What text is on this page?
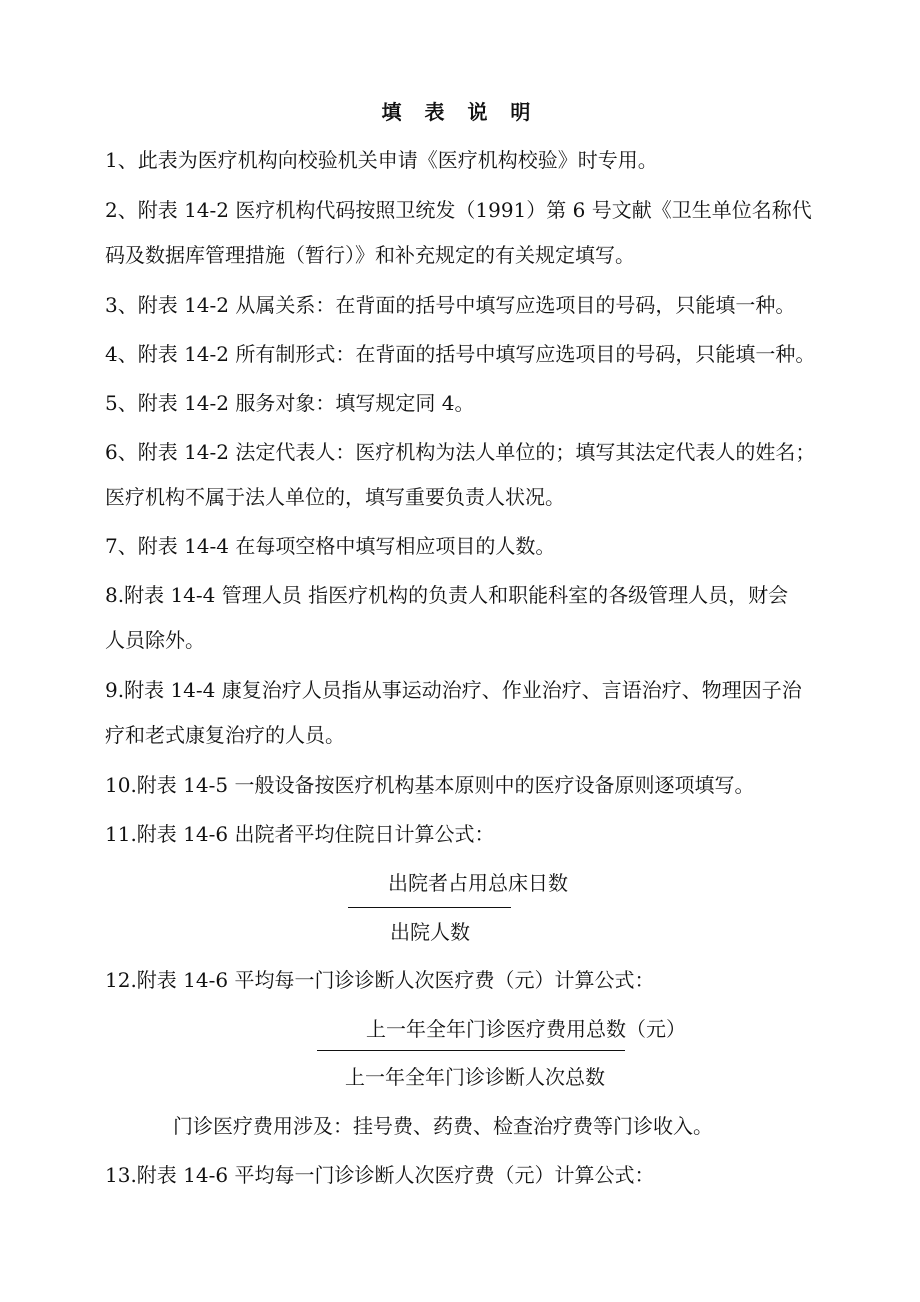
填 表 说 明
1、此表为医疗机构向校验机关申请《医疗机构校验》时专用。
2、附表 14-2 医疗机构代码按照卫统发（1991）第 6 号文献《卫生单位名称代
码及数据库管理措施（暂行）》和补充规定的有关规定填写。
3、附表 14-2 从属关系：在背面的括号中填写应选项目的号码，只能填一种。
4、附表 14-2 所有制形式：在背面的括号中填写应选项目的号码，只能填一种。
5、附表 14-2 服务对象：填写规定同 4。
6、附表 14-2 法定代表人：医疗机构为法人单位的；填写其法定代表人的姓名；
医疗机构不属于法人单位的，填写重要负责人状况。
7、附表 14-4 在每项空格中填写相应项目的人数。
8.附表 14-4 管理人员 指医疗机构的负责人和职能科室的各级管理人员，财会
人员除外。
9.附表 14-4 康复治疗人员指从事运动治疗、作业治疗、言语治疗、物理因子治
疗和老式康复治疗的人员。
10.附表 14-5 一般设备按医疗机构基本原则中的医疗设备原则逐项填写。
11.附表 14-6 出院者平均住院日计算公式：
出院者占用总床日数
出院人数
12.附表 14-6 平均每一门诊诊断人次医疗费（元）计算公式：
上一年全年门诊医疗费用总数（元）
上一年全年门诊诊断人次总数
门诊医疗费用涉及：挂号费、药费、检查治疗费等门诊收入。
13.附表 14-6 平均每一门诊诊断人次医疗费（元）计算公式：
